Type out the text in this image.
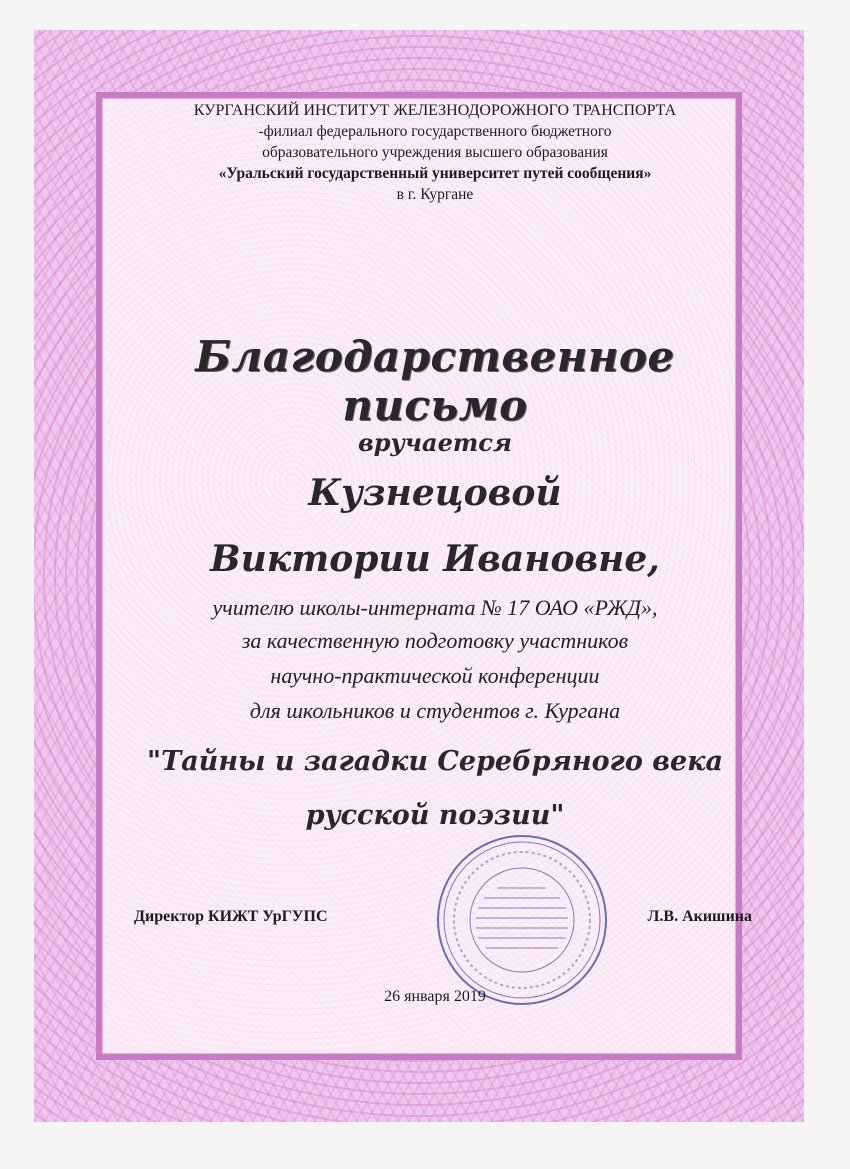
КУРГАНСКИЙ ИНСТИТУТ ЖЕЛЕЗНОДОРОЖНОГО ТРАНСПОРТА
-филиал федерального государственного бюджетного
образовательного учреждения высшего образования
«Уральский государственный университет путей сообщения»
в г. Кургане
Благодарственное письмо
вручается
Кузнецовой
Виктории Ивановне,
учителю школы-интерната № 17 ОАО «РЖД»,
за качественную подготовку участников
научно-практической конференции
для школьников и студентов г. Кургана
"Тайны и загадки Серебряного века
русской поэзии"
Директор КИЖТ УрГУПС	Л.В. Акишина
26 января 2019
